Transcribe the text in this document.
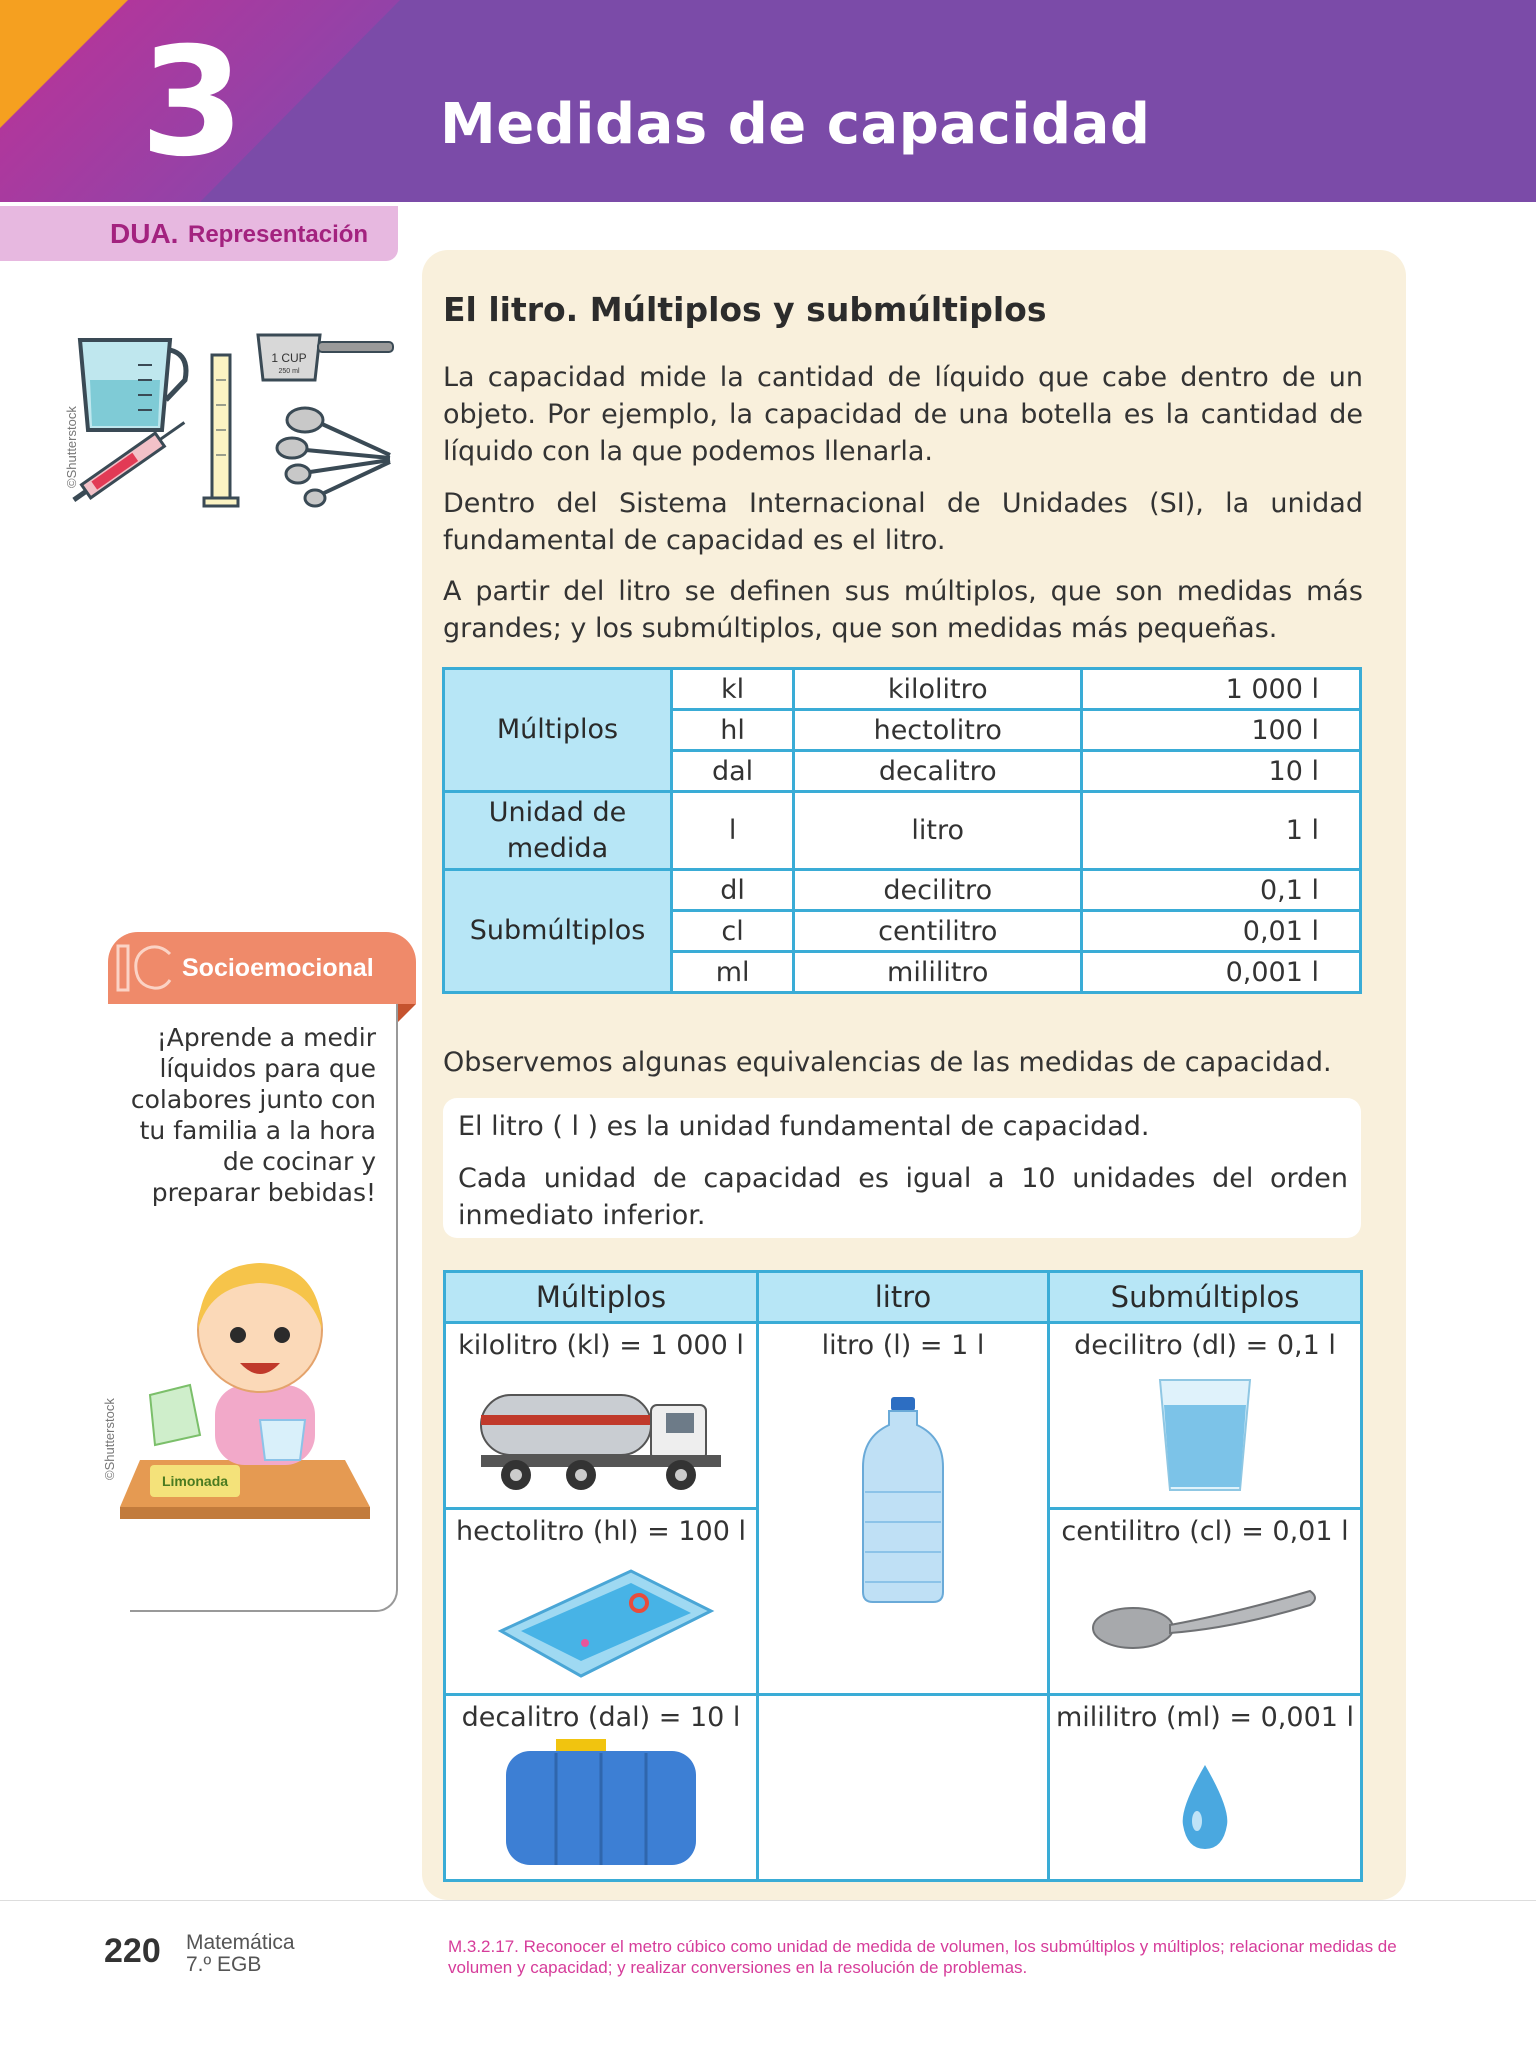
3	Medidas de capacidad
DUA. Representación
1 CUP
250 ml
©Shutterstock
El litro. Múltiplos y submúltiplos
La capacidad mide la cantidad de líquido que cabe dentro de un objeto. Por ejemplo, la capacidad de una botella es la cantidad de líquido con la que podemos llenarla.
Dentro del Sistema Internacional de Unidades (SI), la unidad fundamental de capacidad es el litro.
A partir del litro se definen sus múltiplos, que son medidas más grandes; y los submúltiplos, que son medidas más pequeñas.
Múltiplos	kl	kilolitro	1 000 l
	hl	hectolitro	100 l
	dal	decalitro	10 l
Unidad de medida	l	litro	1 l
Submúltiplos	dl	decilitro	0,1 l
	cl	centilitro	0,01 l
	ml	mililitro	0,001 l
Observemos algunas equivalencias de las medidas de capacidad.
El litro ( l ) es la unidad fundamental de capacidad.
Cada unidad de capacidad es igual a 10 unidades del orden inmediato inferior.
Múltiplos	litro	Submúltiplos

kilolitro (kl) = 1 000 l	litro (l) = 1 l	decilitro (dl) = 0,1 l

hectolitro (hl) = 100 l		centilitro (cl) = 0,01 l

decalitro (dal) = 10 l		mililitro (ml) = 0,001 l
Socioemocional
¡Aprende a medir líquidos para que colabores junto con tu familia a la hora de cocinar y preparar bebidas!
Limonada
©Shutterstock
220 Matemática
7.º EGB
M.3.2.17. Reconocer el metro cúbico como unidad de medida de volumen, los submúltiplos y múltiplos; relacionar medidas de volumen y capacidad; y realizar conversiones en la resolución de problemas.
